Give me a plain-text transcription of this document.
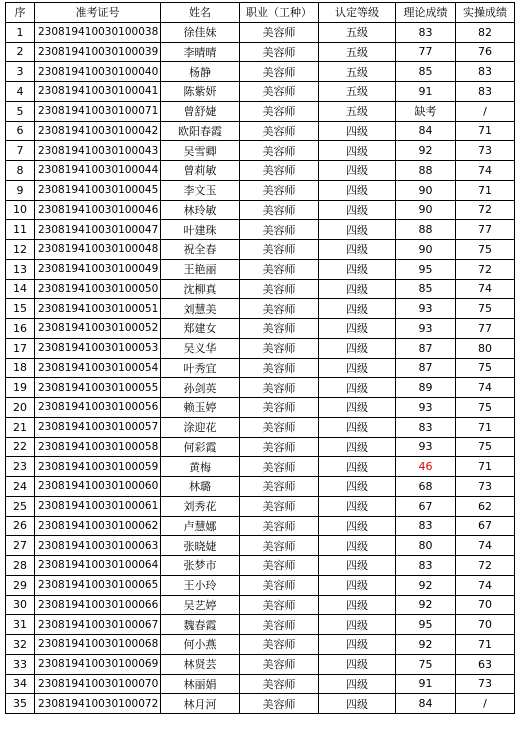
序	准考证号	姓名	职业（工种）	认定等级	理论成绩	实操成绩
1	230819410030100038	徐佳妹	美容师	五级	83	82
2	230819410030100039	李晴晴	美容师	五级	77	76
3	230819410030100040	杨静	美容师	五级	85	83
4	230819410030100041	陈紫妍	美容师	五级	91	83
5	230819410030100071	曾舒婕	美容师	五级	缺考	/
6	230819410030100042	欧阳春霞	美容师	四级	84	71
7	230819410030100043	吴雪卿	美容师	四级	92	73
8	230819410030100044	曾莉敏	美容师	四级	88	74
9	230819410030100045	李文玉	美容师	四级	90	71
10	230819410030100046	林玲敏	美容师	四级	90	72
11	230819410030100047	叶建珠	美容师	四级	88	77
12	230819410030100048	祝全春	美容师	四级	90	75
13	230819410030100049	王艳丽	美容师	四级	95	72
14	230819410030100050	沈柳真	美容师	四级	85	74
15	230819410030100051	刘慧美	美容师	四级	93	75
16	230819410030100052	郑建女	美容师	四级	93	77
17	230819410030100053	吴义华	美容师	四级	87	80
18	230819410030100054	叶秀宜	美容师	四级	87	75
19	230819410030100055	孙剑英	美容师	四级	89	74
20	230819410030100056	赖玉婷	美容师	四级	93	75
21	230819410030100057	涂迎花	美容师	四级	83	71
22	230819410030100058	何彩霞	美容师	四级	93	75
23	230819410030100059	黄梅	美容师	四级	46	71
24	230819410030100060	林璐	美容师	四级	68	73
25	230819410030100061	刘秀花	美容师	四级	67	62
26	230819410030100062	卢慧娜	美容师	四级	83	67
27	230819410030100063	张晓婕	美容师	四级	80	74
28	230819410030100064	张梦市	美容师	四级	83	72
29	230819410030100065	王小玲	美容师	四级	92	74
30	230819410030100066	吴艺婷	美容师	四级	92	70
31	230819410030100067	魏春霞	美容师	四级	95	70
32	230819410030100068	何小燕	美容师	四级	92	71
33	230819410030100069	林贤芸	美容师	四级	75	63
34	230819410030100070	林丽娟	美容师	四级	91	73
35	230819410030100072	林月河	美容师	四级	84	/
